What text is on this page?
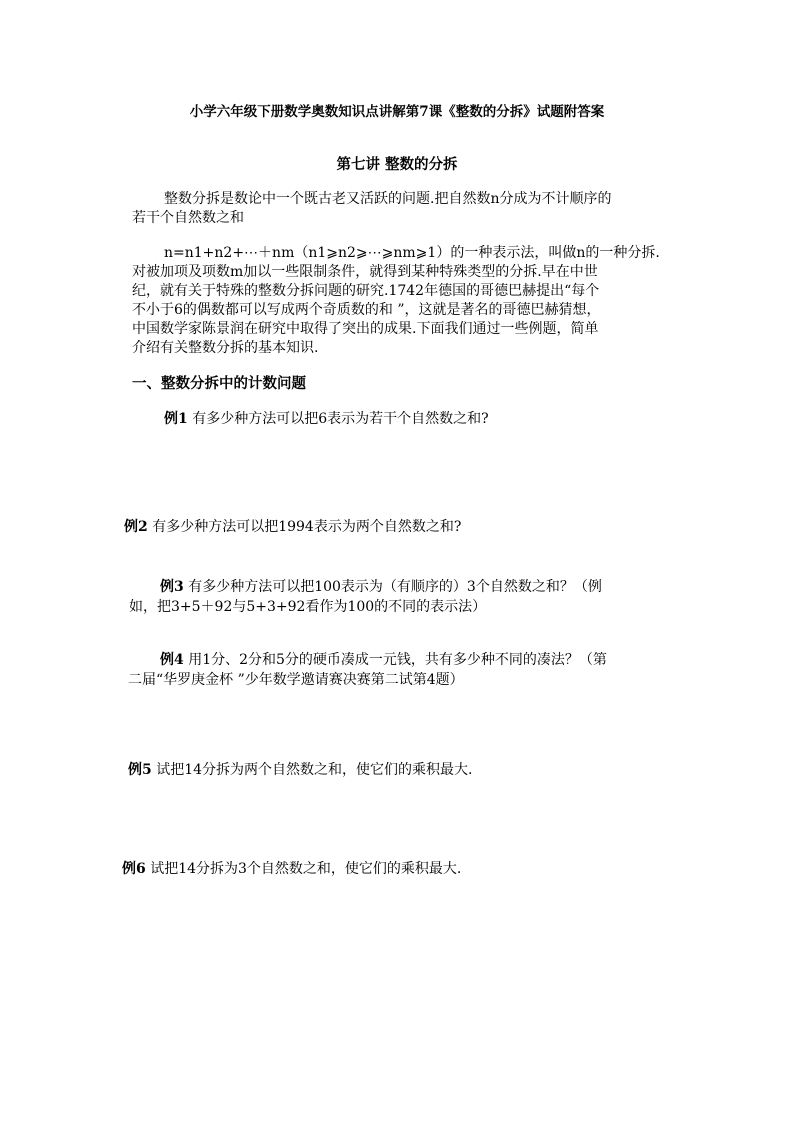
小学六年级下册数学奥数知识点讲解第7课《整数的分拆》试题附答案
第七讲 整数的分拆
整数分拆是数论中一个既古老又活跃的问题.把自然数n分成为不计顺序的
若干个自然数之和
n=n1+n2+⋯＋nm（n1⩾n2⩾⋯⩾nm⩾1）的一种表示法，叫做n的一种分拆.
对被加项及项数m加以一些限制条件，就得到某种特殊类型的分拆.早在中世
纪，就有关于特殊的整数分拆问题的研究.1742年德国的哥德巴赫提出“每个
不小于6的偶数都可以写成两个奇质数的和 ”，这就是著名的哥德巴赫猜想，
中国数学家陈景润在研究中取得了突出的成果.下面我们通过一些例题，简单
介绍有关整数分拆的基本知识.
一、整数分拆中的计数问题
例1 有多少种方法可以把6表示为若干个自然数之和?
例2 有多少种方法可以把1994表示为两个自然数之和?
例3 有多少种方法可以把100表示为（有顺序的）3个自然数之和？（例
如，把3+5＋92与5+3+92看作为100的不同的表示法）
例4 用1分、2分和5分的硬币凑成一元钱，共有多少种不同的凑法？（第
二届“华罗庚金杯 ”少年数学邀请赛决赛第二试第4题）
例5 试把14分拆为两个自然数之和，使它们的乘积最大.
例6 试把14分拆为3个自然数之和，使它们的乘积最大.
